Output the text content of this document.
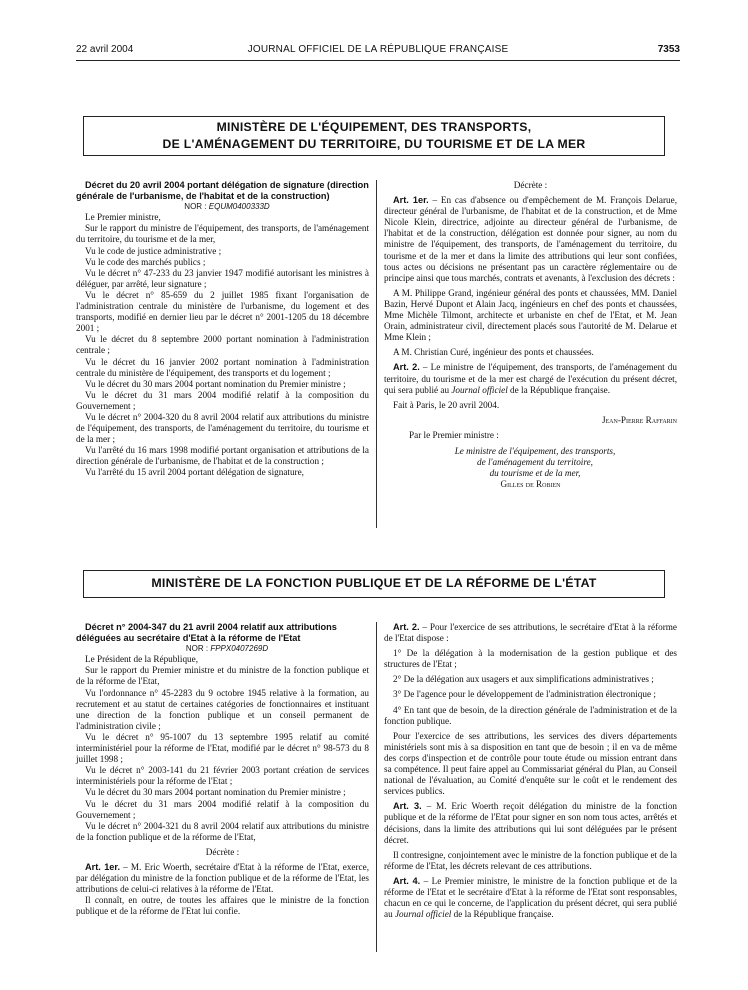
22 avril 2004	JOURNAL OFFICIEL DE LA RÉPUBLIQUE FRANÇAISE	7353
MINISTÈRE DE L'ÉQUIPEMENT, DES TRANSPORTS,
DE L'AMÉNAGEMENT DU TERRITOIRE, DU TOURISME ET DE LA MER

Décret du 20 avril 2004 portant délégation de signature (direction générale de l'urbanisme, de l'habitat et de la construction)

NOR : EQUM0400333D

Le Premier ministre,

Sur le rapport du ministre de l'équipement, des transports, de l'aménagement du territoire, du tourisme et de la mer,

Vu le code de justice administrative ;

Vu le code des marchés publics ;

Vu le décret n° 47-233 du 23 janvier 1947 modifié autorisant les ministres à déléguer, par arrêté, leur signature ;

Vu le décret n° 85-659 du 2 juillet 1985 fixant l'organisation de l'administration centrale du ministère de l'urbanisme, du logement et des transports, modifié en dernier lieu par le décret n° 2001-1205 du 18 décembre 2001 ;

Vu le décret du 8 septembre 2000 portant nomination à l'administration centrale ;

Vu le décret du 16 janvier 2002 portant nomination à l'administration centrale du ministère de l'équipement, des transports et du logement ;

Vu le décret du 30 mars 2004 portant nomination du Premier ministre ;

Vu le décret du 31 mars 2004 modifié relatif à la composition du Gouvernement ;

Vu le décret n° 2004-320 du 8 avril 2004 relatif aux attributions du ministre de l'équipement, des transports, de l'aménagement du territoire, du tourisme et de la mer ;

Vu l'arrêté du 16 mars 1998 modifié portant organisation et attributions de la direction générale de l'urbanisme, de l'habitat et de la construction ;

Vu l'arrêté du 15 avril 2004 portant délégation de signature,

Décrète :

Art. 1er. – En cas d'absence ou d'empêchement de M. François Delarue, directeur général de l'urbanisme, de l'habitat et de la construction, et de Mme Nicole Klein, directrice, adjointe au directeur général de l'urbanisme, de l'habitat et de la construction, délégation est donnée pour signer, au nom du ministre de l'équipement, des transports, de l'aménagement du territoire, du tourisme et de la mer et dans la limite des attributions qui leur sont confiées, tous actes ou décisions ne présentant pas un caractère réglementaire ou de principe ainsi que tous marchés, contrats et avenants, à l'exclusion des décrets :

A M. Philippe Grand, ingénieur général des ponts et chaussées, MM. Daniel Bazin, Hervé Dupont et Alain Jacq, ingénieurs en chef des ponts et chaussées, Mme Michèle Tilmont, architecte et urbaniste en chef de l'Etat, et M. Jean Orain, administrateur civil, directement placés sous l'autorité de M. Delarue et Mme Klein ;

A M. Christian Curé, ingénieur des ponts et chaussées.

Art. 2. – Le ministre de l'équipement, des transports, de l'aménagement du territoire, du tourisme et de la mer est chargé de l'exécution du présent décret, qui sera publié au Journal officiel de la République française.

Fait à Paris, le 20 avril 2004.

Jean-Pierre Raffarin

Par le Premier ministre :

Le ministre de l'équipement, des transports,

de l'aménagement du territoire,

du tourisme et de la mer,

Gilles de Robien

MINISTÈRE DE LA FONCTION PUBLIQUE ET DE LA RÉFORME DE L'ÉTAT

Décret n° 2004-347 du 21 avril 2004 relatif aux attributions déléguées au secrétaire d'Etat à la réforme de l'Etat

NOR : FPPX0407269D

Le Président de la République,

Sur le rapport du Premier ministre et du ministre de la fonction publique et de la réforme de l'Etat,

Vu l'ordonnance n° 45-2283 du 9 octobre 1945 relative à la formation, au recrutement et au statut de certaines catégories de fonctionnaires et instituant une direction de la fonction publique et un conseil permanent de l'administration civile ;

Vu le décret n° 95-1007 du 13 septembre 1995 relatif au comité interministériel pour la réforme de l'Etat, modifié par le décret n° 98-573 du 8 juillet 1998 ;

Vu le décret n° 2003-141 du 21 février 2003 portant création de services interministériels pour la réforme de l'Etat ;

Vu le décret du 30 mars 2004 portant nomination du Premier ministre ;

Vu le décret du 31 mars 2004 modifié relatif à la composition du Gouvernement ;

Vu le décret n° 2004-321 du 8 avril 2004 relatif aux attributions du ministre de la fonction publique et de la réforme de l'Etat,

Décrète :

Art. 1er. – M. Eric Woerth, secrétaire d'Etat à la réforme de l'Etat, exerce, par délégation du ministre de la fonction publique et de la réforme de l'Etat, les attributions de celui-ci relatives à la réforme de l'Etat.

Il connaît, en outre, de toutes les affaires que le ministre de la fonction publique et de la réforme de l'Etat lui confie.

Art. 2. – Pour l'exercice de ses attributions, le secrétaire d'Etat à la réforme de l'Etat dispose :

1° De la délégation à la modernisation de la gestion publique et des structures de l'Etat ;

2° De la délégation aux usagers et aux simplifications administratives ;

3° De l'agence pour le développement de l'administration électronique ;

4° En tant que de besoin, de la direction générale de l'administration et de la fonction publique.

Pour l'exercice de ses attributions, les services des divers départements ministériels sont mis à sa disposition en tant que de besoin ; il en va de même des corps d'inspection et de contrôle pour toute étude ou mission entrant dans sa compétence. Il peut faire appel au Commissariat général du Plan, au Conseil national de l'évaluation, au Comité d'enquête sur le coût et le rendement des services publics.

Art. 3. – M. Eric Woerth reçoit délégation du ministre de la fonction publique et de la réforme de l'Etat pour signer en son nom tous actes, arrêtés et décisions, dans la limite des attributions qui lui sont déléguées par le présent décret.

Il contresigne, conjointement avec le ministre de la fonction publique et de la réforme de l'Etat, les décrets relevant de ces attributions.

Art. 4. – Le Premier ministre, le ministre de la fonction publique et de la réforme de l'Etat et le secrétaire d'Etat à la réforme de l'Etat sont responsables, chacun en ce qui le concerne, de l'application du présent décret, qui sera publié au Journal officiel de la République française.
